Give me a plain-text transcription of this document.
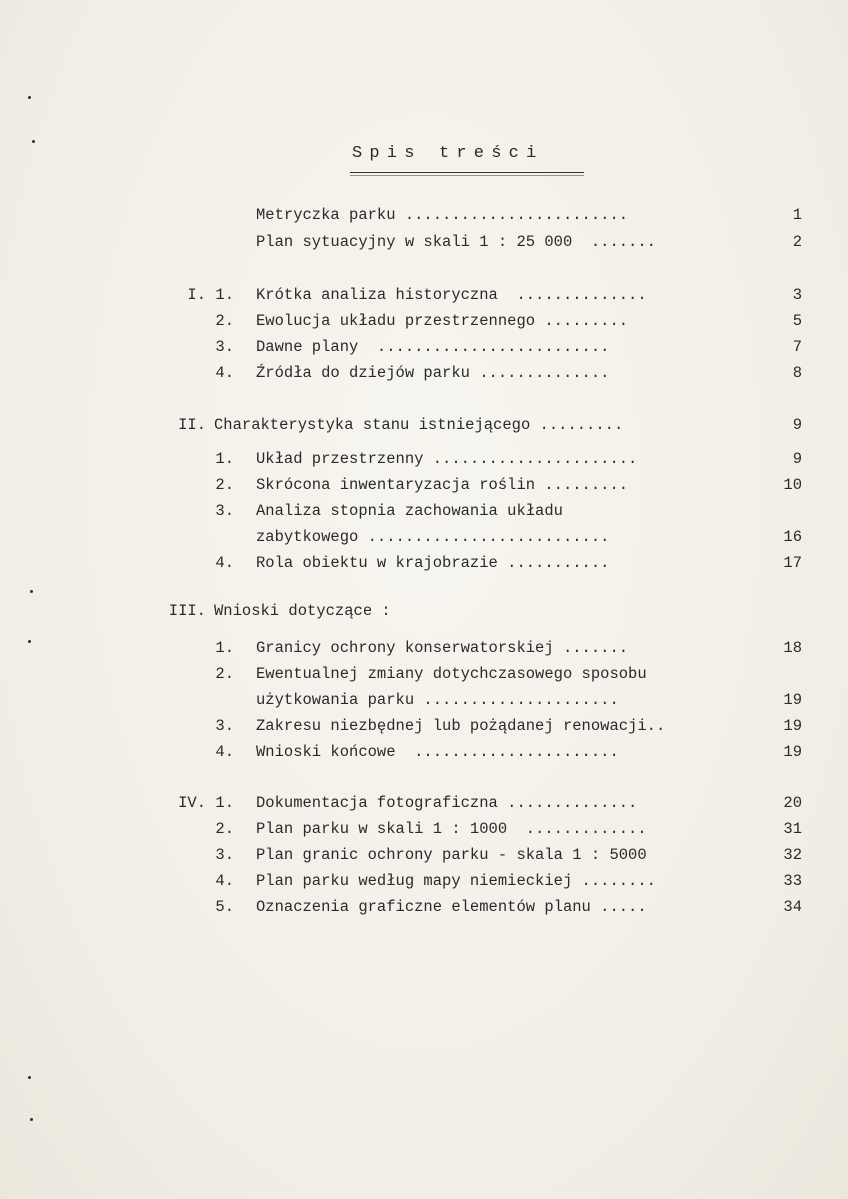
Spis treści
Metryczka parku ........................	1
Plan sytuacyjny w skali 1 : 25 000  .......	2
I. 1. Krótka analiza historyczna  ..............	3
2. Ewolucja układu przestrzennego .........	5
3. Dawne plany  .........................	7
4. Źródła do dziejów parku ..............	8
II. Charakterystyka stanu istniejącego .........	9
1. Układ przestrzenny ......................	9
2. Skrócona inwentaryzacja roślin .........	10
3. Analiza stopnia zachowania układu
zabytkowego ..........................	16
4. Rola obiektu w krajobrazie ...........	17
III. Wnioski dotyczące :
1. Granicy ochrony konserwatorskiej .......	18
2. Ewentualnej zmiany dotychczasowego sposobu
użytkowania parku .....................	19
3. Zakresu niezbędnej lub pożądanej renowacji..	19
4. Wnioski końcowe  ......................	19
IV. 1. Dokumentacja fotograficzna ..............	20
2. Plan parku w skali 1 : 1000  .............	31
3. Plan granic ochrony parku - skala 1 : 5000	32
4. Plan parku według mapy niemieckiej ........	33
5. Oznaczenia graficzne elementów planu .....	34
